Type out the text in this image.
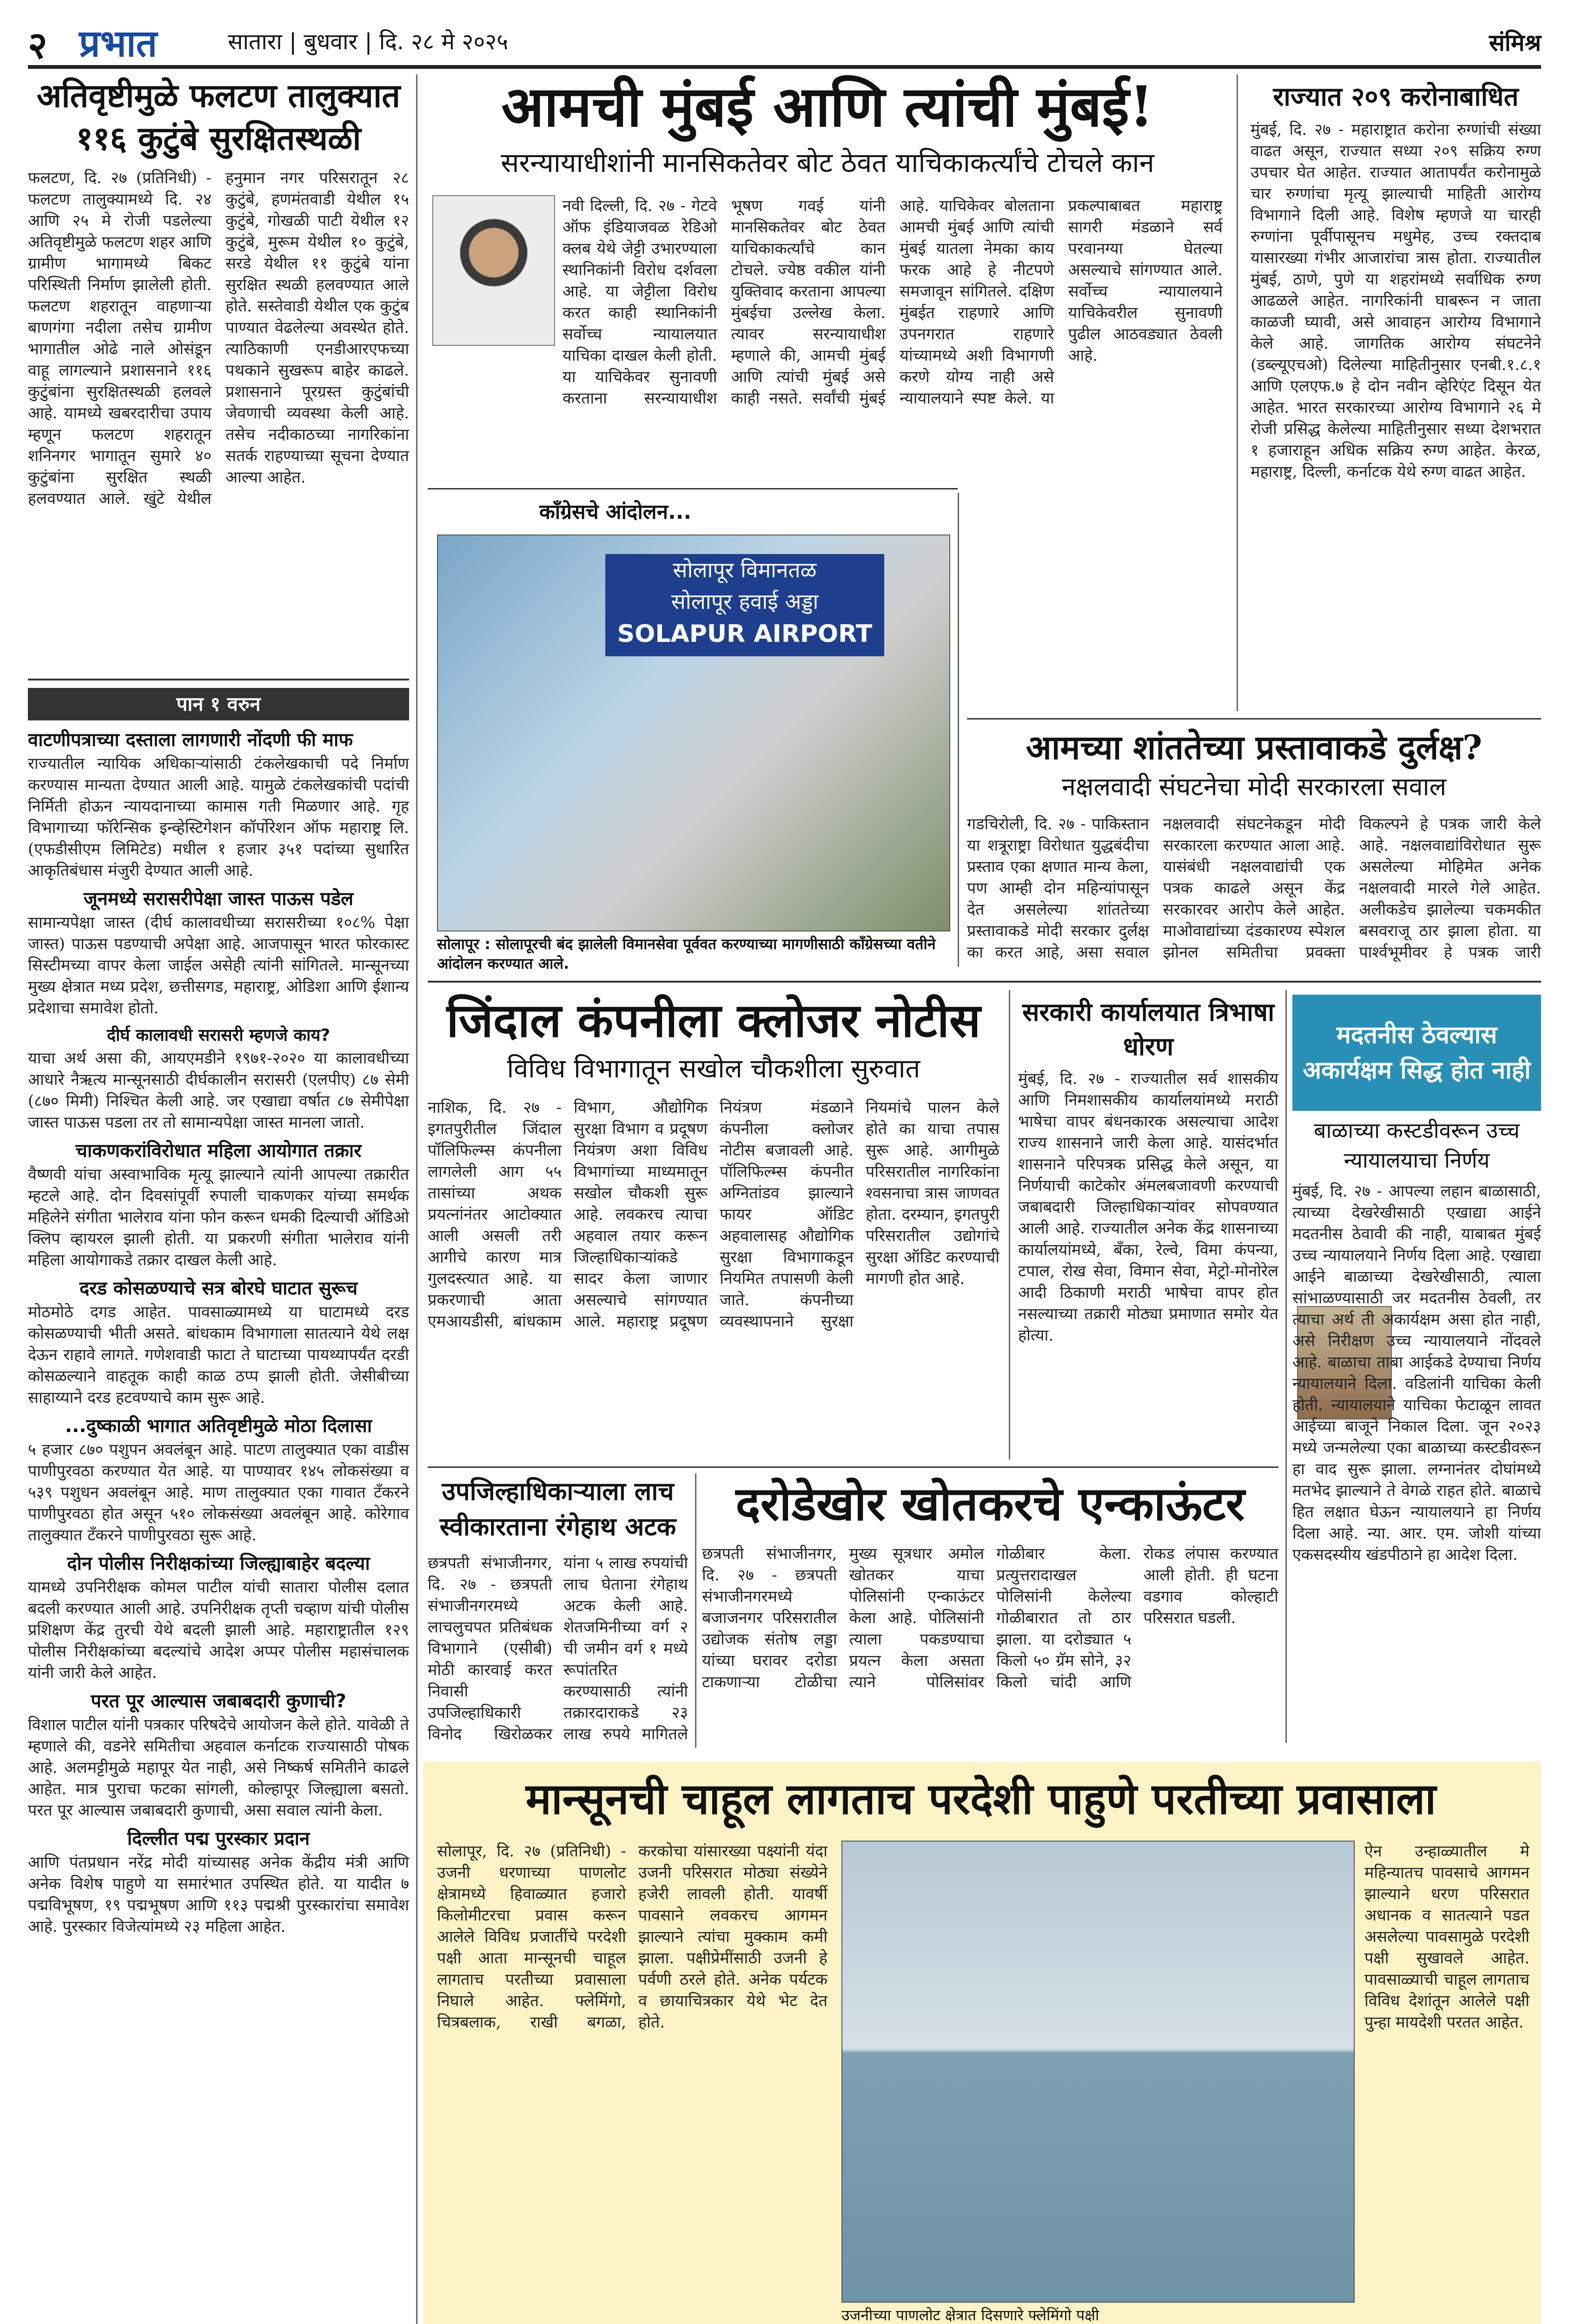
२ प्रभात	सातारा | बुधवार | दि. २८ मे २०२५	संमिश्र
अतिवृष्टीमुळे फलटण तालुक्यात ११६ कुटुंबे सुरक्षितस्थळी
फलटण, दि. २७ (प्रतिनिधी) - फलटण तालुक्यामध्ये दि. २४ आणि २५ मे रोजी पडलेल्या अतिवृष्टीमुळे फलटण शहर आणि ग्रामीण भागामध्ये बिकट परिस्थिती निर्माण झालेली होती. फलटण शहरातून वाहणाऱ्या बाणगंगा नदीला तसेच ग्रामीण भागातील ओढे नाले ओसंडून वाहू लागल्याने प्रशासनाने ११६ कुटुंबांना सुरक्षितस्थळी हलवले आहे. यामध्ये खबरदारीचा उपाय म्हणून फलटण शहरातून शनिनगर भागातून सुमारे ४० कुटुंबांना सुरक्षित स्थळी हलवण्यात आले. खुंटे येथील हनुमान नगर परिसरातून २८ कुटुंबे, हणमंतवाडी येथील १५ कुटुंबे, गोखळी पाटी येथील १२ कुटुंबे, मुरूम येथील १० कुटुंबे, सरडे येथील ११ कुटुंबे यांना सुरक्षित स्थळी हलवण्यात आले होते. सस्तेवाडी येथील एक कुटुंब पाण्यात वेढलेल्या अवस्थेत होते. त्याठिकाणी एनडीआरएफच्या पथकाने सुखरूप बाहेर काढले. प्रशासनाने पूरग्रस्त कुटुंबांची जेवणाची व्यवस्था केली आहे. तसेच नदीकाठच्या नागरिकांना सतर्क राहण्याच्या सूचना देण्यात आल्या आहेत.
पान १ वरुन
वाटणीपत्राच्या दस्ताला लागणारी नोंदणी फी माफ
राज्यातील न्यायिक अधिकाऱ्यांसाठी टंकलेखकाची पदे निर्माण करण्यास मान्यता देण्यात आली आहे. यामुळे टंकलेखकांची पदांची निर्मिती होऊन न्यायदानाच्या कामास गती मिळणार आहे. गृह विभागाच्या फॉरेन्सिक इन्व्हेस्टिगेशन कॉर्पोरेशन ऑफ महाराष्ट्र लि. (एफडीसीएम लिमिटेड) मधील १ हजार ३५१ पदांच्या सुधारित आकृतिबंधास मंजुरी देण्यात आली आहे.
जूनमध्ये सरासरीपेक्षा जास्त पाऊस पडेल
सामान्यपेक्षा जास्त (दीर्घ कालावधीच्या सरासरीच्या १०८% पेक्षा जास्त) पाऊस पडण्याची अपेक्षा आहे. आजपासून भारत फोरकास्ट सिस्टीमच्या वापर केला जाईल असेही त्यांनी सांगितले. मान्सूनच्या मुख्य क्षेत्रात मध्य प्रदेश, छत्तीसगड, महाराष्ट्र, ओडिशा आणि ईशान्य प्रदेशाचा समावेश होतो.
दीर्घ कालावधी सरासरी म्हणजे काय?
याचा अर्थ असा की, आयएमडीने १९७१-२०२० या कालावधीच्या आधारे नैऋत्य मान्सूनसाठी दीर्घकालीन सरासरी (एलपीए) ८७ सेमी (८७० मिमी) निश्चित केली आहे. जर एखाद्या वर्षात ८७ सेमीपेक्षा जास्त पाऊस पडला तर तो सामान्यपेक्षा जास्त मानला जातो.
चाकणकरांविरोधात महिला आयोगात तक्रार
वैष्णवी यांचा अस्वाभाविक मृत्यू झाल्याने त्यांनी आपल्या तक्रारीत म्हटले आहे. दोन दिवसांपूर्वी रुपाली चाकणकर यांच्या समर्थक महिलेने संगीता भालेराव यांना फोन करून धमकी दिल्याची ऑडिओ क्लिप व्हायरल झाली होती. या प्रकरणी संगीता भालेराव यांनी महिला आयोगाकडे तक्रार दाखल केली आहे.
दरड कोसळण्याचे सत्र बोरघे घाटात सुरूच
मोठमोठे दगड आहेत. पावसाळ्यामध्ये या घाटामध्ये दरड कोसळण्याची भीती असते. बांधकाम विभागाला सातत्याने येथे लक्ष देऊन राहावे लागते. गणेशवाडी फाटा ते घाटाच्या पायथ्यापर्यंत दरडी कोसळल्याने वाहतूक काही काळ ठप्प झाली होती. जेसीबीच्या साहाय्याने दरड हटवण्याचे काम सुरू आहे.
...दुष्काळी भागात अतिवृष्टीमुळे मोठा दिलासा
५ हजार ८७० पशुपन अवलंबून आहे. पाटण तालुक्यात एका वाडीस पाणीपुरवठा करण्यात येत आहे. या पाण्यावर १४५ लोकसंख्या व ५३९ पशुधन अवलंबून आहे. माण तालुक्यात एका गावात टँकरने पाणीपुरवठा होत असून ५१० लोकसंख्या अवलंबून आहे. कोरेगाव तालुक्यात टँकरने पाणीपुरवठा सुरू आहे.
दोन पोलीस निरीक्षकांच्या जिल्ह्याबाहेर बदल्या
यामध्ये उपनिरीक्षक कोमल पाटील यांची सातारा पोलीस दलात बदली करण्यात आली आहे. उपनिरीक्षक तृप्ती चव्हाण यांची पोलीस प्रशिक्षण केंद्र तुरची येथे बदली झाली आहे. महाराष्ट्रातील १२९ पोलीस निरीक्षकांच्या बदल्यांचे आदेश अप्पर पोलीस महासंचालक यांनी जारी केले आहेत.
परत पूर आल्यास जबाबदारी कुणाची?
विशाल पाटील यांनी पत्रकार परिषदेचे आयोजन केले होते. यावेळी ते म्हणाले की, वडनेरे समितीचा अहवाल कर्नाटक राज्यासाठी पोषक आहे. अलमट्टीमुळे महापूर येत नाही, असे निष्कर्ष समितीने काढले आहेत. मात्र पुराचा फटका सांगली, कोल्हापूर जिल्ह्याला बसतो. परत पूर आल्यास जबाबदारी कुणाची, असा सवाल त्यांनी केला.
दिल्लीत पद्म पुरस्कार प्रदान
आणि पंतप्रधान नरेंद्र मोदी यांच्यासह अनेक केंद्रीय मंत्री आणि अनेक विशेष पाहुणे या समारंभात उपस्थित होते. या यादीत ७ पद्मविभूषण, १९ पद्मभूषण आणि ११३ पद्मश्री पुरस्कारांचा समावेश आहे. पुरस्कार विजेत्यांमध्ये २३ महिला आहेत.
आमची मुंबई आणि त्यांची मुंबई!
सरन्यायाधीशांनी मानसिकतेवर बोट ठेवत याचिकाकर्त्यांचे टोचले कान
नवी दिल्ली, दि. २७ - गेटवे ऑफ इंडियाजवळ रेडिओ क्लब येथे जेट्टी उभारण्याला स्थानिकांनी विरोध दर्शवला आहे. या जेट्टीला विरोध करत काही स्थानिकांनी सर्वोच्च न्यायालयात याचिका दाखल केली होती. या याचिकेवर सुनावणी करताना सरन्यायाधीश भूषण गवई यांनी मानसिकतेवर बोट ठेवत याचिकाकर्त्यांचे कान टोचले. ज्येष्ठ वकील यांनी युक्तिवाद करताना आपल्या मुंबईचा उल्लेख केला. त्यावर सरन्यायाधीश म्हणाले की, आमची मुंबई आणि त्यांची मुंबई असे काही नसते. सर्वांची मुंबई आहे. याचिकेवर बोलताना आमची मुंबई आणि त्यांची मुंबई यातला नेमका काय फरक आहे हे नीटपणे समजावून सांगितले. दक्षिण मुंबईत राहणारे आणि उपनगरात राहणारे यांच्यामध्ये अशी विभागणी करणे योग्य नाही असे न्यायालयाने स्पष्ट केले. या प्रकल्पाबाबत महाराष्ट्र सागरी मंडळाने सर्व परवानग्या घेतल्या असल्याचे सांगण्यात आले. सर्वोच्च न्यायालयाने याचिकेवरील सुनावणी पुढील आठवड्यात ठेवली आहे.
राज्यात २०९ करोनाबाधित
मुंबई, दि. २७ - महाराष्ट्रात करोना रुग्णांची संख्या वाढत असून, राज्यात सध्या २०९ सक्रिय रुग्ण उपचार घेत आहेत. राज्यात आतापर्यंत करोनामुळे चार रुग्णांचा मृत्यू झाल्याची माहिती आरोग्य विभागाने दिली आहे. विशेष म्हणजे या चारही रुग्णांना पूर्वीपासूनच मधुमेह, उच्च रक्तदाब यासारख्या गंभीर आजारांचा त्रास होता. राज्यातील मुंबई, ठाणे, पुणे या शहरांमध्ये सर्वाधिक रुग्ण आढळले आहेत. नागरिकांनी घाबरून न जाता काळजी घ्यावी, असे आवाहन आरोग्य विभागाने केले आहे. जागतिक आरोग्य संघटनेने (डब्ल्यूएचओ) दिलेल्या माहितीनुसार एनबी.१.८.१ आणि एलएफ.७ हे दोन नवीन व्हेरिएंट दिसून येत आहेत. भारत सरकारच्या आरोग्य विभागाने २६ मे रोजी प्रसिद्ध केलेल्या माहितीनुसार सध्या देशभरात १ हजाराहून अधिक सक्रिय रुग्ण आहेत. केरळ, महाराष्ट्र, दिल्ली, कर्नाटक येथे रुग्ण वाढत आहेत.
काँग्रेसचे आंदोलन...
सोलापूर विमानतळ
सोलापूर हवाई अड्डा
SOLAPUR AIRPORT
सोलापूर : सोलापूरची बंद झालेली विमानसेवा पूर्ववत करण्याच्या मागणीसाठी काँग्रेसच्या वतीने आंदोलन करण्यात आले.
आमच्या शांततेच्या प्रस्तावाकडे दुर्लक्ष?
नक्षलवादी संघटनेचा मोदी सरकारला सवाल
गडचिरोली, दि. २७ - पाकिस्तान या शत्रूराष्ट्रा विरोधात युद्धबंदीचा प्रस्ताव एका क्षणात मान्य केला, पण आम्ही दोन महिन्यांपासून देत असलेल्या शांततेच्या प्रस्तावाकडे मोदी सरकार दुर्लक्ष का करत आहे, असा सवाल नक्षलवादी संघटनेकडून मोदी सरकारला करण्यात आला आहे. यासंबंधी नक्षलवाद्यांची एक पत्रक काढले असून केंद्र सरकारवर आरोप केले आहेत. माओवाद्यांच्या दंडकारण्य स्पेशल झोनल समितीचा प्रवक्ता विकल्पने हे पत्रक जारी केले आहे. नक्षलवाद्यांविरोधात सुरू असलेल्या मोहिमेत अनेक नक्षलवादी मारले गेले आहेत. अलीकडेच झालेल्या चकमकीत बसवराजू ठार झाला होता. या पार्श्वभूमीवर हे पत्रक जारी
जिंदाल कंपनीला क्लोजर नोटीस
विविध विभागातून सखोल चौकशीला सुरुवात
नाशिक, दि. २७ - इगतपुरीतील जिंदाल पॉलिफिल्म्स कंपनीला लागलेली आग ५५ तासांच्या अथक प्रयत्नांनंतर आटोक्यात आली असली तरी आगीचे कारण मात्र गुलदस्त्यात आहे. या प्रकरणाची आता एमआयडीसी, बांधकाम विभाग, औद्योगिक सुरक्षा विभाग व प्रदूषण नियंत्रण अशा विविध विभागांच्या माध्यमातून सखोल चौकशी सुरू आहे. लवकरच त्याचा अहवाल तयार करून जिल्हाधिकाऱ्यांकडे सादर केला जाणार असल्याचे सांगण्यात आले. महाराष्ट्र प्रदूषण नियंत्रण मंडळाने कंपनीला क्लोजर नोटीस बजावली आहे. पॉलिफिल्म्स कंपनीत अग्नितांडव झाल्याने फायर ऑडिट अहवालासह औद्योगिक सुरक्षा विभागाकडून नियमित तपासणी केली जाते. कंपनीच्या व्यवस्थापनाने सुरक्षा नियमांचे पालन केले होते का याचा तपास सुरू आहे. आगीमुळे परिसरातील नागरिकांना श्वसनाचा त्रास जाणवत होता. दरम्यान, इगतपुरी परिसरातील उद्योगांचे सुरक्षा ऑडिट करण्याची मागणी होत आहे.
सरकारी कार्यालयात त्रिभाषा धोरण
मुंबई, दि. २७ - राज्यातील सर्व शासकीय आणि निमशासकीय कार्यालयांमध्ये मराठी भाषेचा वापर बंधनकारक असल्याचा आदेश राज्य शासनाने जारी केला आहे. यासंदर्भात शासनाने परिपत्रक प्रसिद्ध केले असून, या निर्णयाची काटेकोर अंमलबजावणी करण्याची जबाबदारी जिल्हाधिकाऱ्यांवर सोपवण्यात आली आहे. राज्यातील अनेक केंद्र शासनाच्या कार्यालयांमध्ये, बँका, रेल्वे, विमा कंपन्या, टपाल, रोख सेवा, विमान सेवा, मेट्रो-मोनोरेल आदी ठिकाणी मराठी भाषेचा वापर होत नसल्याच्या तक्रारी मोठ्या प्रमाणात समोर येत होत्या.
मदतनीस ठेवल्यास अकार्यक्षम सिद्ध होत नाही
बाळाच्या कस्टडीवरून उच्च न्यायालयाचा निर्णय
मुंबई, दि. २७ - आपल्या लहान बाळासाठी, त्याच्या देखरेखीसाठी एखाद्या आईने मदतनीस ठेवावी की नाही, याबाबत मुंबई उच्च न्यायालयाने निर्णय दिला आहे. एखाद्या आईने बाळाच्या देखरेखीसाठी, त्याला सांभाळण्यासाठी जर मदतनीस ठेवली, तर त्याचा अर्थ ती अकार्यक्षम असा होत नाही, असे निरीक्षण उच्च न्यायालयाने नोंदवले आहे. बाळाचा ताबा आईकडे देण्याचा निर्णय न्यायालयाने दिला. वडिलांनी याचिका केली होती. न्यायालयाने याचिका फेटाळून लावत आईच्या बाजूने निकाल दिला. जून २०२३ मध्ये जन्मलेल्या एका बाळाच्या कस्टडीवरून हा वाद सुरू झाला. लग्नानंतर दोघांमध्ये मतभेद झाल्याने ते वेगळे राहत होते. बाळाचे हित लक्षात घेऊन न्यायालयाने हा निर्णय दिला आहे. न्या. आर. एम. जोशी यांच्या एकसदस्यीय खंडपीठाने हा आदेश दिला.
उपजिल्हाधिकाऱ्याला लाच स्वीकारताना रंगेहाथ अटक
छत्रपती संभाजीनगर, दि. २७ - छत्रपती संभाजीनगरमध्ये लाचलुचपत प्रतिबंधक विभागाने (एसीबी) मोठी कारवाई करत निवासी उपजिल्हाधिकारी विनोद खिरोळकर यांना ५ लाख रुपयांची लाच घेताना रंगेहाथ अटक केली आहे. शेतजमिनीच्या वर्ग २ ची जमीन वर्ग १ मध्ये रूपांतरित करण्यासाठी त्यांनी तक्रारदाराकडे २३ लाख रुपये मागितले
दरोडेखोर खोतकरचे एन्काऊंटर
छत्रपती संभाजीनगर, दि. २७ - छत्रपती संभाजीनगरमध्ये बजाजनगर परिसरातील उद्योजक संतोष लड्डा यांच्या घरावर दरोडा टाकणाऱ्या टोळीचा मुख्य सूत्रधार अमोल खोतकर याचा पोलिसांनी एन्काऊंटर केला आहे. पोलिसांनी त्याला पकडण्याचा प्रयत्न केला असता त्याने पोलिसांवर गोळीबार केला. प्रत्युत्तरादाखल पोलिसांनी केलेल्या गोळीबारात तो ठार झाला. या दरोड्यात ५ किलो ५० ग्रॅम सोने, ३२ किलो चांदी आणि रोकड लंपास करण्यात आली होती. ही घटना वडगाव कोल्हाटी परिसरात घडली.
मान्सूनची चाहूल लागताच परदेशी पाहुणे परतीच्या प्रवासाला
सोलापूर, दि. २७ (प्रतिनिधी) - उजनी धरणाच्या पाणलोट क्षेत्रामध्ये हिवाळ्यात हजारो किलोमीटरचा प्रवास करून आलेले विविध प्रजातींचे परदेशी पक्षी आता मान्सूनची चाहूल लागताच परतीच्या प्रवासाला निघाले आहेत. फ्लेमिंगो, चित्रबलाक, राखी बगळा, करकोचा यांसारख्या पक्ष्यांनी यंदा उजनी परिसरात मोठ्या संख्येने हजेरी लावली होती. यावर्षी पावसाने लवकरच आगमन झाल्याने त्यांचा मुक्काम कमी झाला. पक्षीप्रेमींसाठी उजनी हे पर्वणी ठरले होते. अनेक पर्यटक व छायाचित्रकार येथे भेट देत होते.
उजनीच्या पाणलोट क्षेत्रात दिसणारे फ्लेमिंगो पक्षी
ऐन उन्हाळ्यातील मे महिन्यातच पावसाचे आगमन झाल्याने धरण परिसरात अधानक व सातत्याने पडत असलेल्या पावसामुळे परदेशी पक्षी सुखावले आहेत. पावसाळ्याची चाहूल लागताच विविध देशांतून आलेले पक्षी पुन्हा मायदेशी परतत आहेत.
